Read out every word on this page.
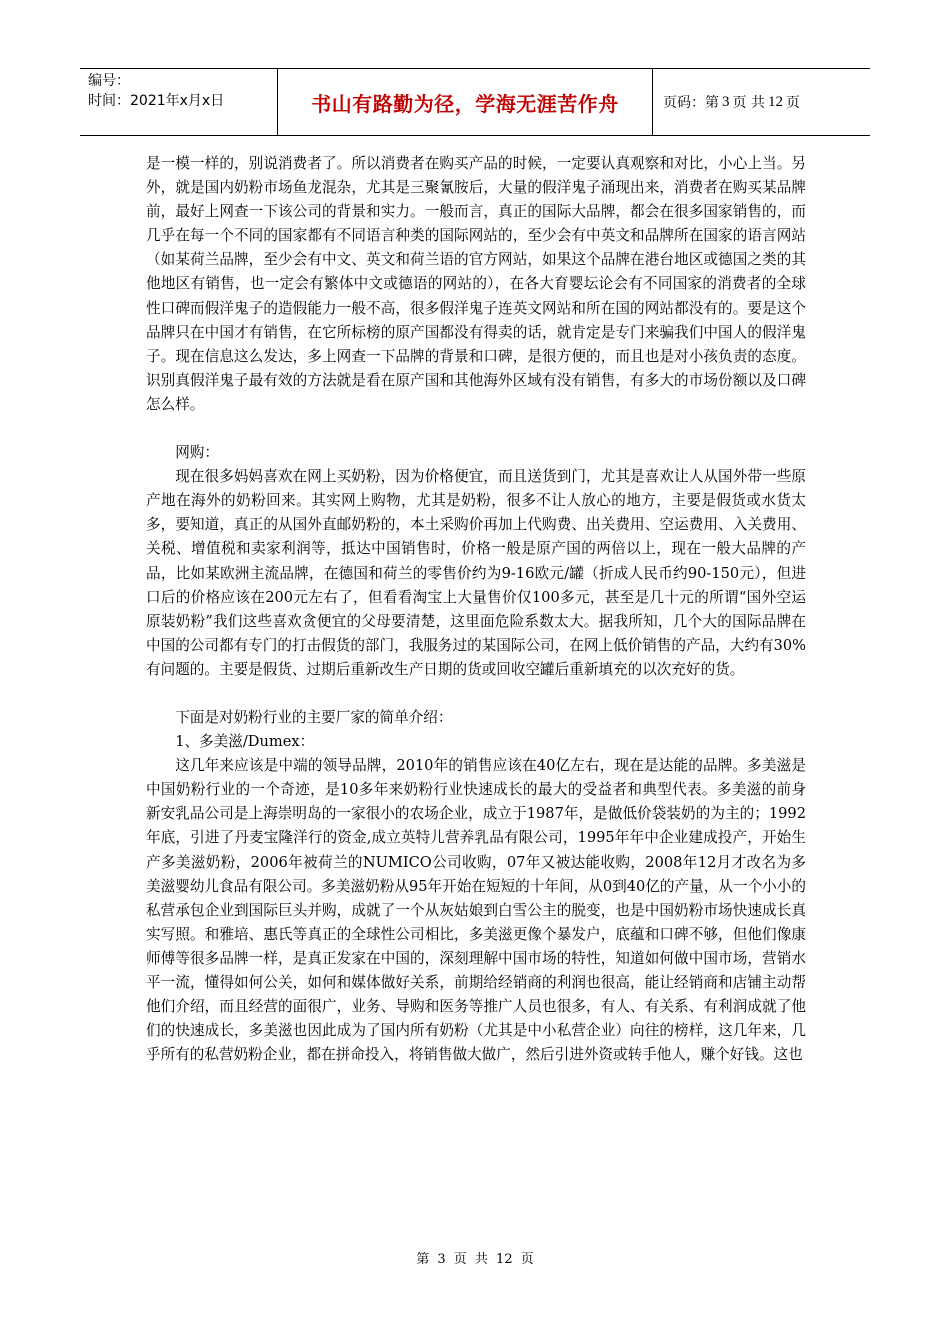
编号：
时间：2021年x月x日	书山有路勤为径，学海无涯苦作舟	页码：第 3 页 共 12 页

是一模一样的，别说消费者了。所以消费者在购买产品的时候，一定要认真观察和对比，小心上当。另外，就是国内奶粉市场鱼龙混杂，尤其是三聚氰胺后，大量的假洋鬼子涌现出来，消费者在购买某品牌前，最好上网查一下该公司的背景和实力。一般而言，真正的国际大品牌，都会在很多国家销售的，而几乎在每一个不同的国家都有不同语言种类的国际网站的，至少会有中英文和品牌所在国家的语言网站（如某荷兰品牌，至少会有中文、英文和荷兰语的官方网站，如果这个品牌在港台地区或德国之类的其他地区有销售，也一定会有繁体中文或德语的网站的），在各大育婴坛论会有不同国家的消费者的全球性口碑而假洋鬼子的造假能力一般不高，很多假洋鬼子连英文网站和所在国的网站都没有的。要是这个品牌只在中国才有销售，在它所标榜的原产国都没有得卖的话，就肯定是专门来骗我们中国人的假洋鬼子。现在信息这么发达，多上网查一下品牌的背景和口碑，是很方便的，而且也是对小孩负责的态度。识别真假洋鬼子最有效的方法就是看在原产国和其他海外区域有没有销售，有多大的市场份额以及口碑怎么样。

网购：

现在很多妈妈喜欢在网上买奶粉，因为价格便宜，而且送货到门，尤其是喜欢让人从国外带一些原产地在海外的奶粉回来。其实网上购物，尤其是奶粉，很多不让人放心的地方，主要是假货或水货太多，要知道，真正的从国外直邮奶粉的，本土采购价再加上代购费、出关费用、空运费用、入关费用、关税、增值税和卖家利润等，抵达中国销售时，价格一般是原产国的两倍以上，现在一般大品牌的产品，比如某欧洲主流品牌，在德国和荷兰的零售价约为9-16欧元/罐（折成人民币约90-150元），但进口后的价格应该在200元左右了，但看看淘宝上大量售价仅100多元，甚至是几十元的所谓“国外空运原装奶粉”我们这些喜欢贪便宜的父母要清楚，这里面危险系数太大。据我所知，几个大的国际品牌在中国的公司都有专门的打击假货的部门，我服务过的某国际公司，在网上低价销售的产品，大约有30%有问题的。主要是假货、过期后重新改生产日期的货或回收空罐后重新填充的以次充好的货。

下面是对奶粉行业的主要厂家的简单介绍：

1、多美滋/Dumex：

这几年来应该是中端的领导品牌，2010年的销售应该在40亿左右，现在是达能的品牌。多美滋是中国奶粉行业的一个奇迹，是10多年来奶粉行业快速成长的最大的受益者和典型代表。多美滋的前身新安乳品公司是上海崇明岛的一家很小的农场企业，成立于1987年，是做低价袋装奶的为主的；1992年底，引进了丹麦宝隆洋行的资金,成立英特儿营养乳品有限公司，1995年年中企业建成投产，开始生产多美滋奶粉，2006年被荷兰的NUMICO公司收购，07年又被达能收购，2008年12月才改名为多美滋婴幼儿食品有限公司。多美滋奶粉从95年开始在短短的十年间，从0到40亿的产量，从一个小小的私营承包企业到国际巨头并购，成就了一个从灰姑娘到白雪公主的脱变，也是中国奶粉市场快速成长真实写照。和雅培、惠氏等真正的全球性公司相比，多美滋更像个暴发户，底蕴和口碑不够，但他们像康师傅等很多品牌一样，是真正发家在中国的，深刻理解中国市场的特性，知道如何做中国市场，营销水平一流，懂得如何公关，如何和媒体做好关系，前期给经销商的利润也很高，能让经销商和店铺主动帮他们介绍，而且经营的面很广，业务、导购和医务等推广人员也很多，有人、有关系、有利润成就了他们的快速成长，多美滋也因此成为了国内所有奶粉（尤其是中小私营企业）向往的榜样，这几年来，几乎所有的私营奶粉企业，都在拼命投入，将销售做大做广，然后引进外资或转手他人，赚个好钱。这也

第 3 页 共 12 页
